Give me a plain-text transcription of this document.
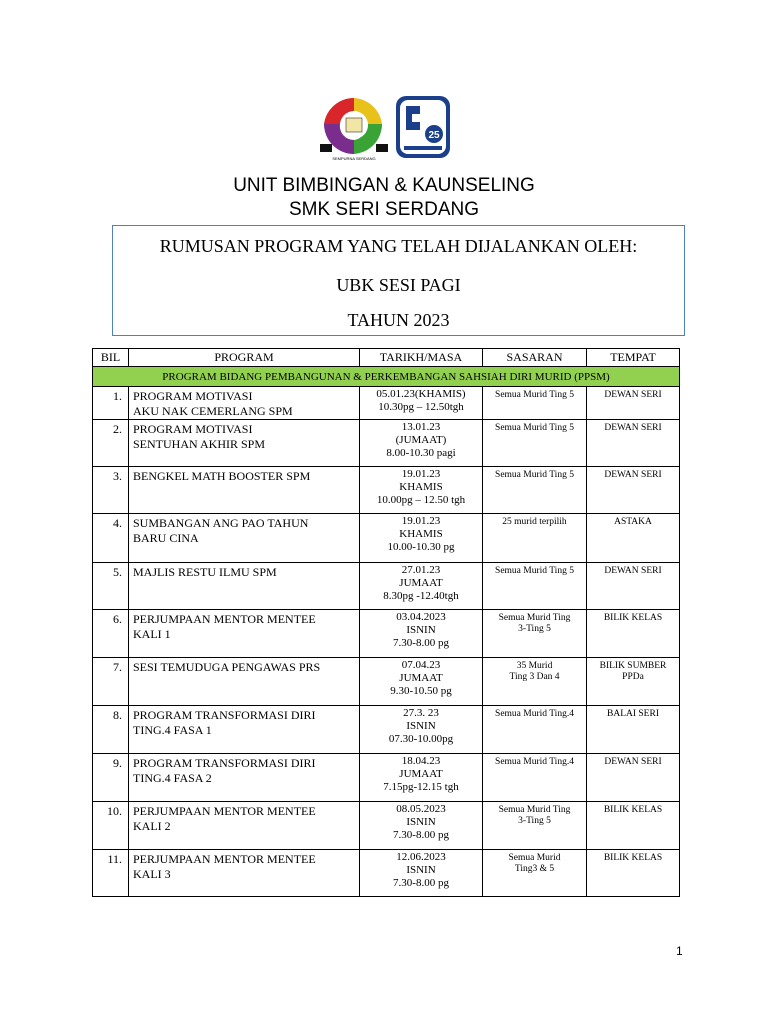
SEMPURNA SERDANG
25
UNIT BIMBINGAN & KAUNSELING
SMK SERI SERDANG
RUMUSAN PROGRAM YANG TELAH DIJALANKAN OLEH:
UBK SESI PAGI
TAHUN 2023
BIL	PROGRAM	TARIKH/MASA	SASARAN	TEMPAT
PROGRAM BIDANG PEMBANGUNAN & PERKEMBANGAN SAHSIAH DIRI MURID (PPSM)				
1.	PROGRAM MOTIVASI
AKU NAK CEMERLANG SPM	05.01.23(KHAMIS)
10.30pg – 12.50tgh	Semua Murid Ting 5	DEWAN SERI

2.	PROGRAM MOTIVASI
SENTUHAN AKHIR SPM	13.01.23
(JUMAAT)
8.00-10.30 pagi	Semua Murid Ting 5	DEWAN SERI

3.	BENGKEL MATH BOOSTER SPM	19.01.23
KHAMIS
10.00pg – 12.50 tgh	Semua Murid Ting 5	DEWAN SERI

4.	SUMBANGAN ANG PAO TAHUN
BARU CINA	19.01.23
KHAMIS
10.00-10.30 pg	25 murid terpilih	ASTAKA

5.	MAJLIS RESTU ILMU SPM	27.01.23
JUMAAT
8.30pg -12.40tgh	Semua Murid Ting 5	DEWAN SERI

6.	PERJUMPAAN MENTOR MENTEE
KALI 1	03.04.2023
ISNIN
7.30-8.00 pg	Semua Murid Ting
3-Ting 5	BILIK KELAS

7.	SESI TEMUDUGA PENGAWAS PRS	07.04.23
JUMAAT
9.30-10.50 pg	35 Murid
Ting 3 Dan 4	BILIK SUMBER
PPDa

8.	PROGRAM TRANSFORMASI DIRI
TING.4 FASA 1	27.3. 23
ISNIN
07.30-10.00pg	Semua Murid Ting.4	BALAI SERI

9.	PROGRAM TRANSFORMASI DIRI
TING.4 FASA 2	18.04.23
JUMAAT
7.15pg-12.15 tgh	Semua Murid Ting.4	DEWAN SERI

10.	PERJUMPAAN MENTOR MENTEE
KALI 2	08.05.2023
ISNIN
7.30-8.00 pg	Semua Murid Ting
3-Ting 5	BILIK KELAS

11.	PERJUMPAAN MENTOR MENTEE
KALI 3	12.06.2023
ISNIN
7.30-8.00 pg	Semua Murid
Ting3 & 5	BILIK KELAS
1
